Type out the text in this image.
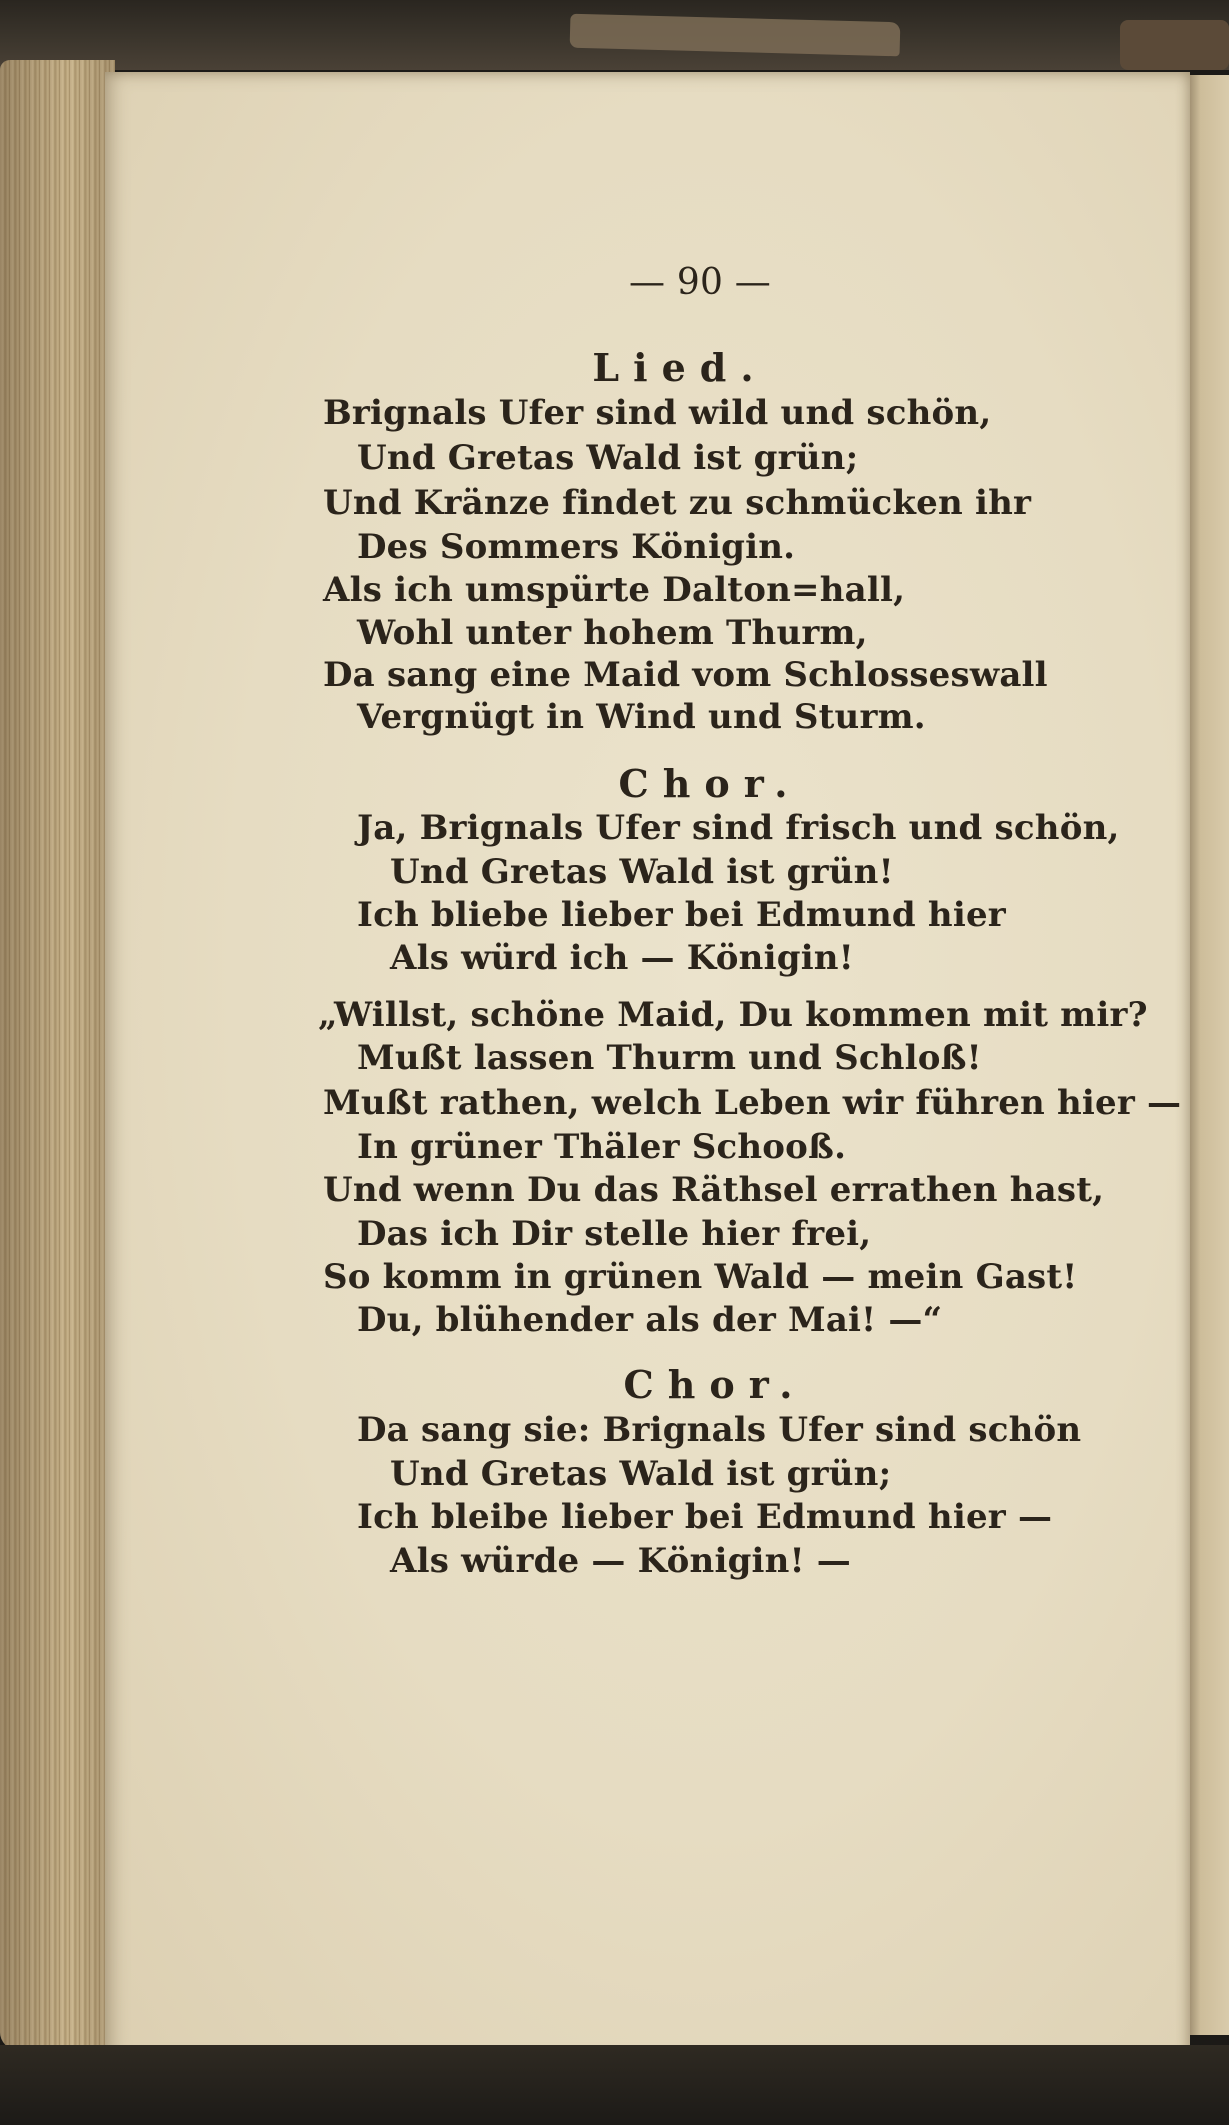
— 90 —
Lied.
Brignals Ufer sind wild und schön,
Und Gretas Wald ist grün;
Und Kränze findet zu schmücken ihr
Des Sommers Königin.
Als ich umspürte Dalton=hall,
Wohl unter hohem Thurm,
Da sang eine Maid vom Schlosseswall
Vergnügt in Wind und Sturm.
Chor.
Ja, Brignals Ufer sind frisch und schön,
Und Gretas Wald ist grün!
Ich bliebe lieber bei Edmund hier
Als würd ich — Königin!
„Willst, schöne Maid, Du kommen mit mir?
Mußt lassen Thurm und Schloß!
Mußt rathen, welch Leben wir führen hier —
In grüner Thäler Schooß.
Und wenn Du das Räthsel errathen hast,
Das ich Dir stelle hier frei,
So komm in grünen Wald — mein Gast!
Du, blühender als der Mai! —“
Chor.
Da sang sie: Brignals Ufer sind schön
Und Gretas Wald ist grün;
Ich bleibe lieber bei Edmund hier —
Als würde — Königin! —
